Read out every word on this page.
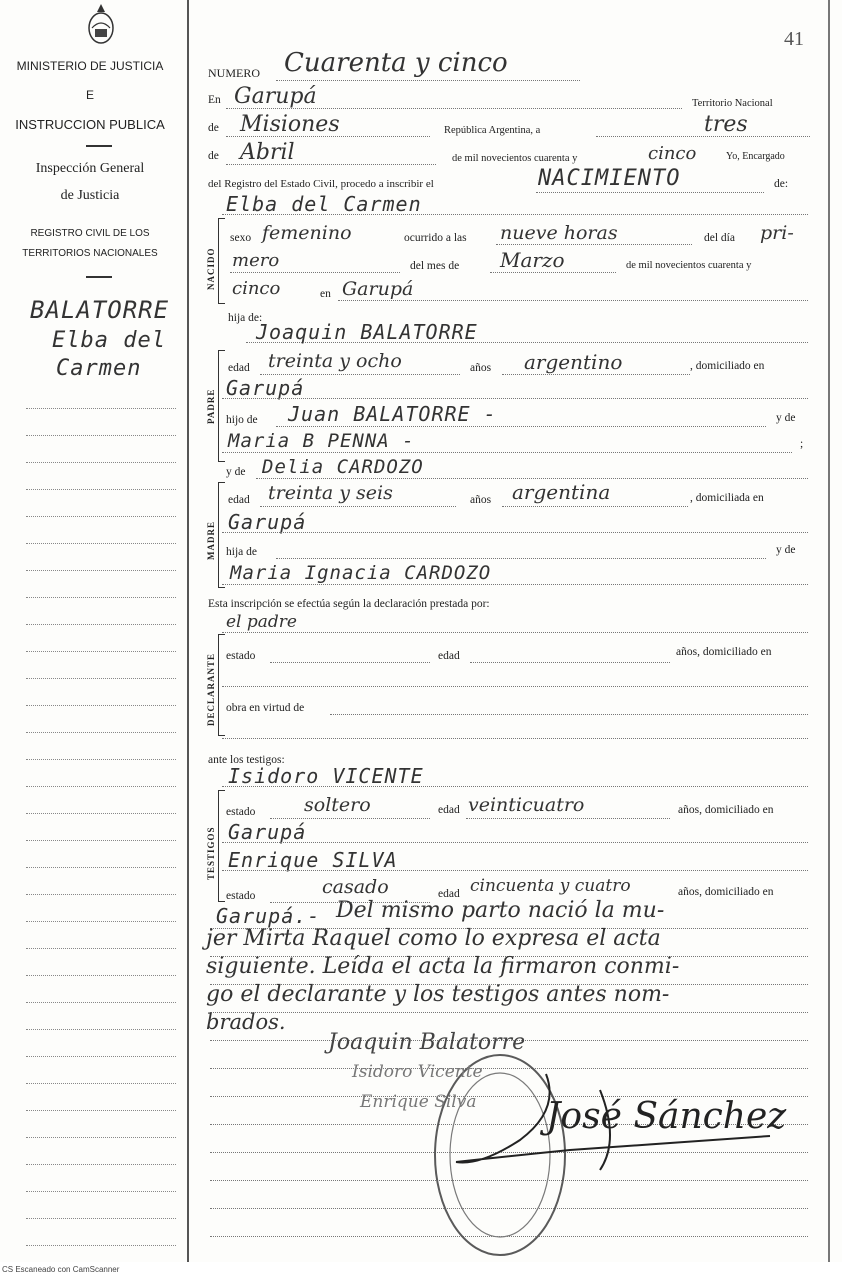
MINISTERIO DE JUSTICIA
E
INSTRUCCION PUBLICA
Inspección General
de Justicia
REGISTRO CIVIL DE LOS
TERRITORIOS NACIONALES
BALATORRE
Elba del
Carmen
41
NUMERO Cuarenta y cinco
En Garupá	Territorio Nacional
de Misiones	República Argentina, a	tres
de Abril	de mil novecientos cuarenta y	cinco	Yo, Encargado
del Registro del Estado Civil, procedo a inscribir el	NACIMIENTO	de:
Elba del Carmen
NACIDO
sexo femenino	ocurrido a las nueve horas	del día pri-
mero	del mes de Marzo	de mil novecientos cuarenta y
cinco	en Garupá
hija de:
Joaquin BALATORRE
PADRE
edad treinta y ocho	años argentino	, domiciliado en
Garupá
hijo de Juan BALATORRE -	y de
Maria B PENNA -	;
y de Delia CARDOZO
MADRE
edad treinta y seis	años argentina	, domiciliada en
Garupá
hija de	y de
Maria Ignacia CARDOZO
Esta inscripción se efectúa según la declaración prestada por:
el padre
DECLARANTE estado	edad	años, domiciliado en
obra en virtud de
ante los testigos:
Isidoro VICENTE
TESTIGOS
estado	soltero	edad veinticuatro	años, domiciliado en
Garupá
Enrique SILVA
estado	casado	edad cincuenta y cuatro	años, domiciliado en
Garupá.- Del mismo parto nació la mu-
jer Mirta Raquel como lo expresa el acta
siguiente. Leída el acta la firmaron conmi-
go el declarante y los testigos antes nom-
brados.
Joaquin Balatorre
Isidoro Vicente
Enrique Silva José Sánchez
CS Escaneado con CamScanner
